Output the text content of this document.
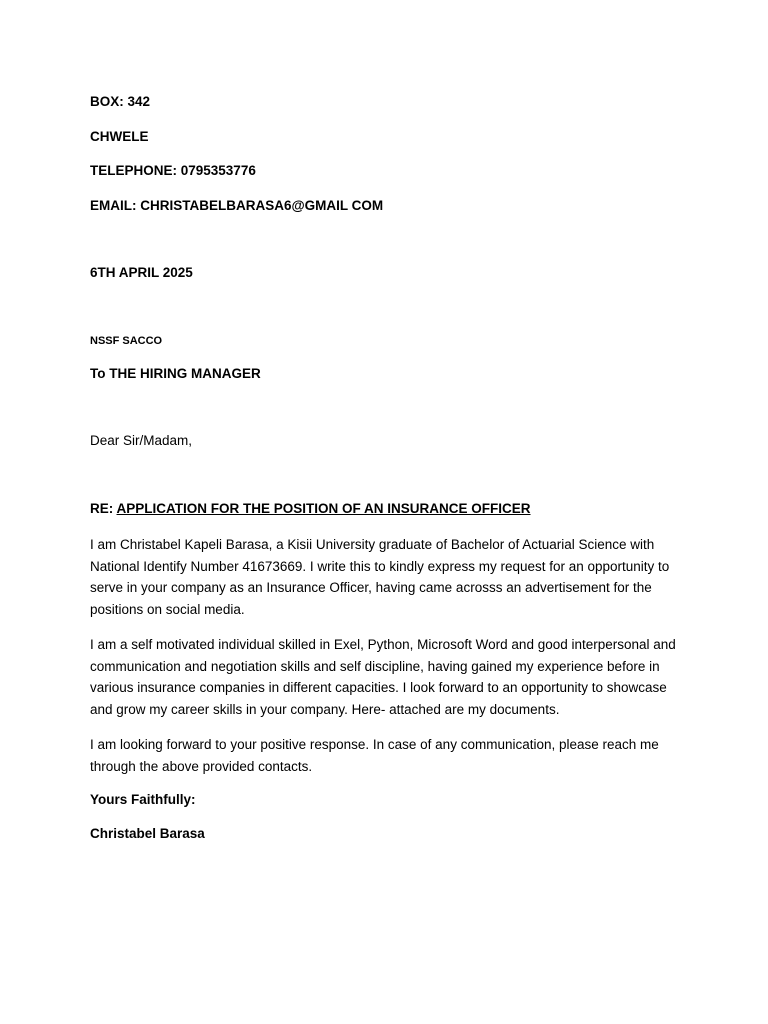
BOX: 342
CHWELE
TELEPHONE: 0795353776
EMAIL: CHRISTABELBARASA6@GMAIL COM
6TH APRIL 2025
NSSF SACCO
To THE HIRING MANAGER
Dear Sir/Madam,
RE: APPLICATION FOR THE POSITION OF AN INSURANCE OFFICER
I am Christabel Kapeli Barasa, a Kisii University graduate of Bachelor of Actuarial Science with National Identify Number 41673669. I write this to kindly express my request for an opportunity to serve in your company as an Insurance Officer, having came acrosss an advertisement for the positions on social media.
I am a self motivated individual skilled in Exel, Python, Microsoft Word and good interpersonal and communication and negotiation skills and self discipline, having gained my experience before in various insurance companies in different capacities. I look forward to an opportunity to showcase and grow my career skills in your company. Here- attached are my documents.
I am looking forward to your positive response. In case of any communication, please reach me through the above provided contacts.
Yours Faithfully:
Christabel Barasa
